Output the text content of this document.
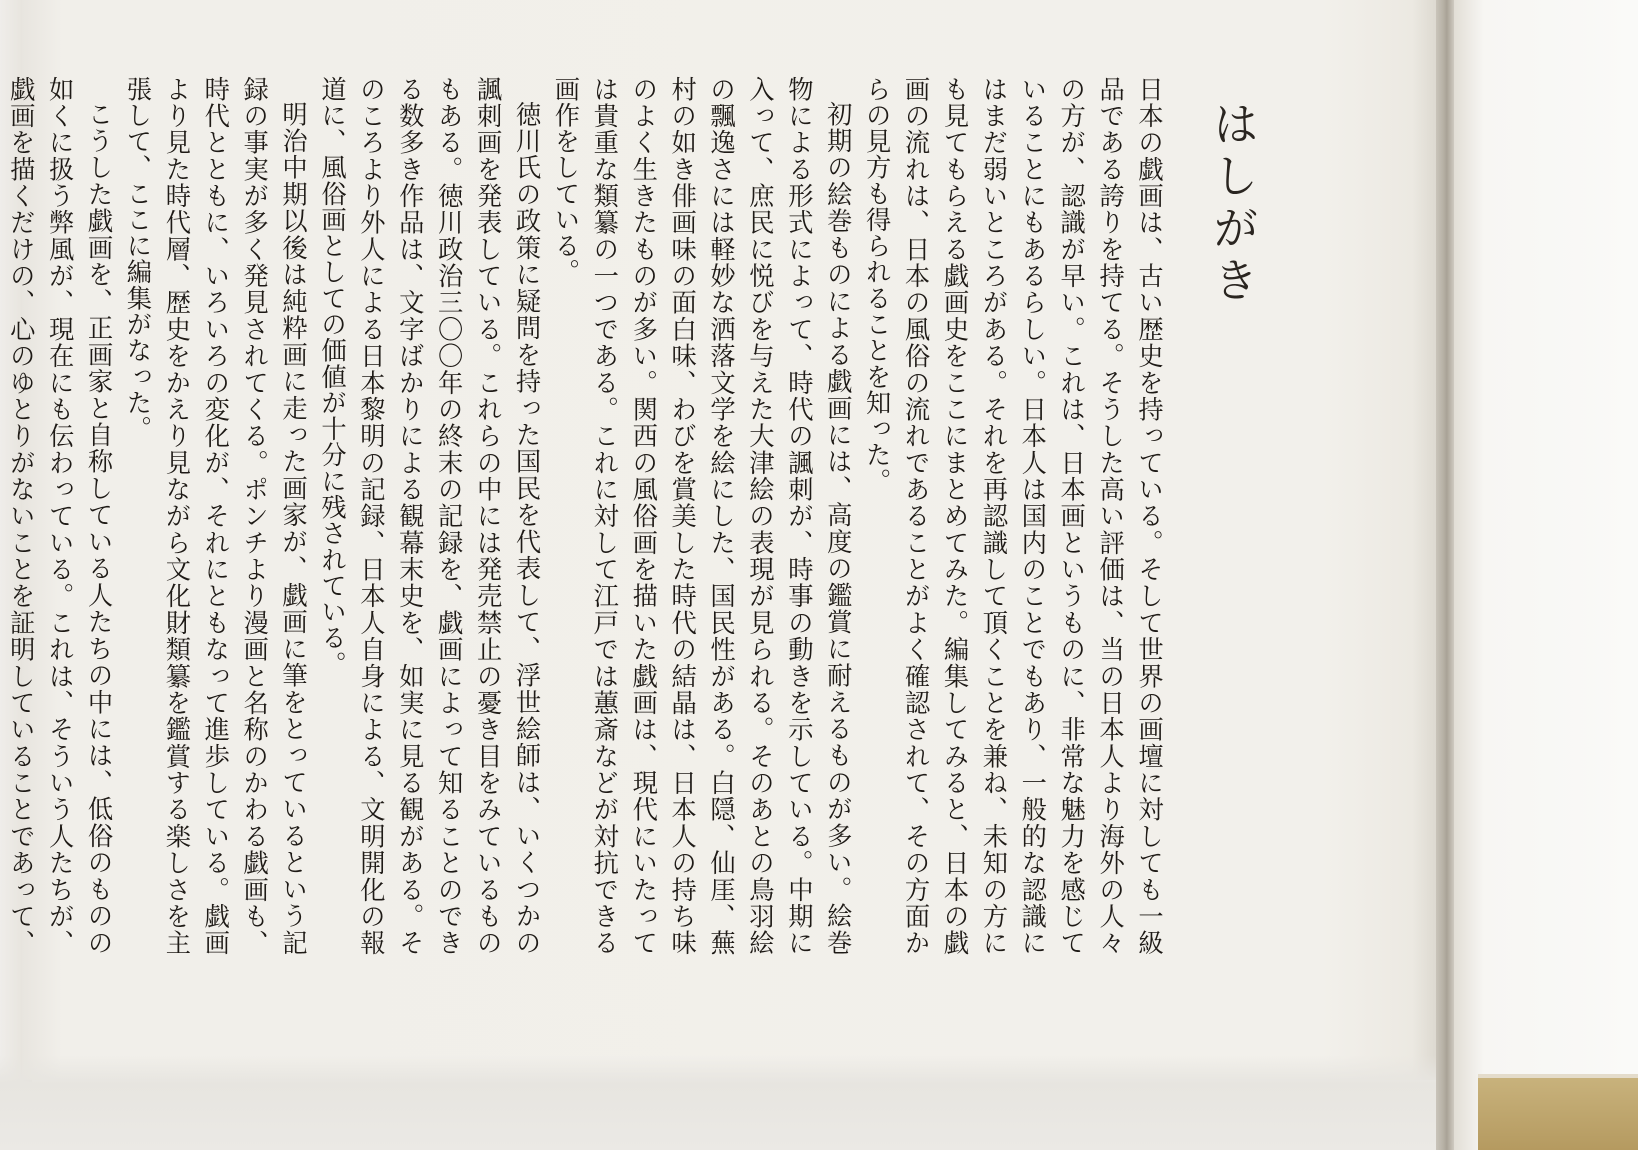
はしがき

日本の戯画は、古い歴史を持っている。そして世界の画壇に対しても一級品である誇りを持てる。そうした高い評価は、当の日本人より海外の人々の方が、認識が早い。これは、日本画というものに、非常な魅力を感じていることにもあるらしい。日本人は国内のことでもあり、一般的な認識にはまだ弱いところがある。それを再認識して頂くことを兼ね、未知の方にも見てもらえる戯画史をここにまとめてみた。編集してみると、日本の戯画の流れは、日本の風俗の流れであることがよく確認されて、その方面からの見方も得られることを知った。

初期の絵巻ものによる戯画には、高度の鑑賞に耐えるものが多い。絵巻物による形式によって、時代の諷刺が、時事の動きを示している。中期に入って、庶民に悦びを与えた大津絵の表現が見られる。そのあとの鳥羽絵の飄逸さには軽妙な洒落文学を絵にした、国民性がある。白隠、仙厓、蕪村の如き俳画味の面白味、わびを賞美した時代の結晶は、日本人の持ち味のよく生きたものが多い。関西の風俗画を描いた戯画は、現代にいたっては貴重な類纂の一つである。これに対して江戸では蕙斎などが対抗できる画作をしている。

徳川氏の政策に疑問を持った国民を代表して、浮世絵師は、いくつかの諷刺画を発表している。これらの中には発売禁止の憂き目をみているものもある。徳川政治三〇〇年の終末の記録を、戯画によって知ることのできる数多き作品は、文字ばかりによる観幕末史を、如実に見る観がある。そのころより外人による日本黎明の記録、日本人自身による、文明開化の報道に、風俗画としての価値が十分に残されている。

明治中期以後は純粋画に走った画家が、戯画に筆をとっているという記録の事実が多く発見されてくる。ポンチより漫画と名称のかわる戯画も、時代とともに、いろいろの変化が、それにともなって進歩している。戯画より見た時代層、歴史をかえり見ながら文化財類纂を鑑賞する楽しさを主張して、ここに編集がなった。

こうした戯画を、正画家と自称している人たちの中には、低俗のものの如くに扱う弊風が、現在にも伝わっている。これは、そういう人たちが、戯画を描くだけの、心のゆとりがないことを証明していることであって、
